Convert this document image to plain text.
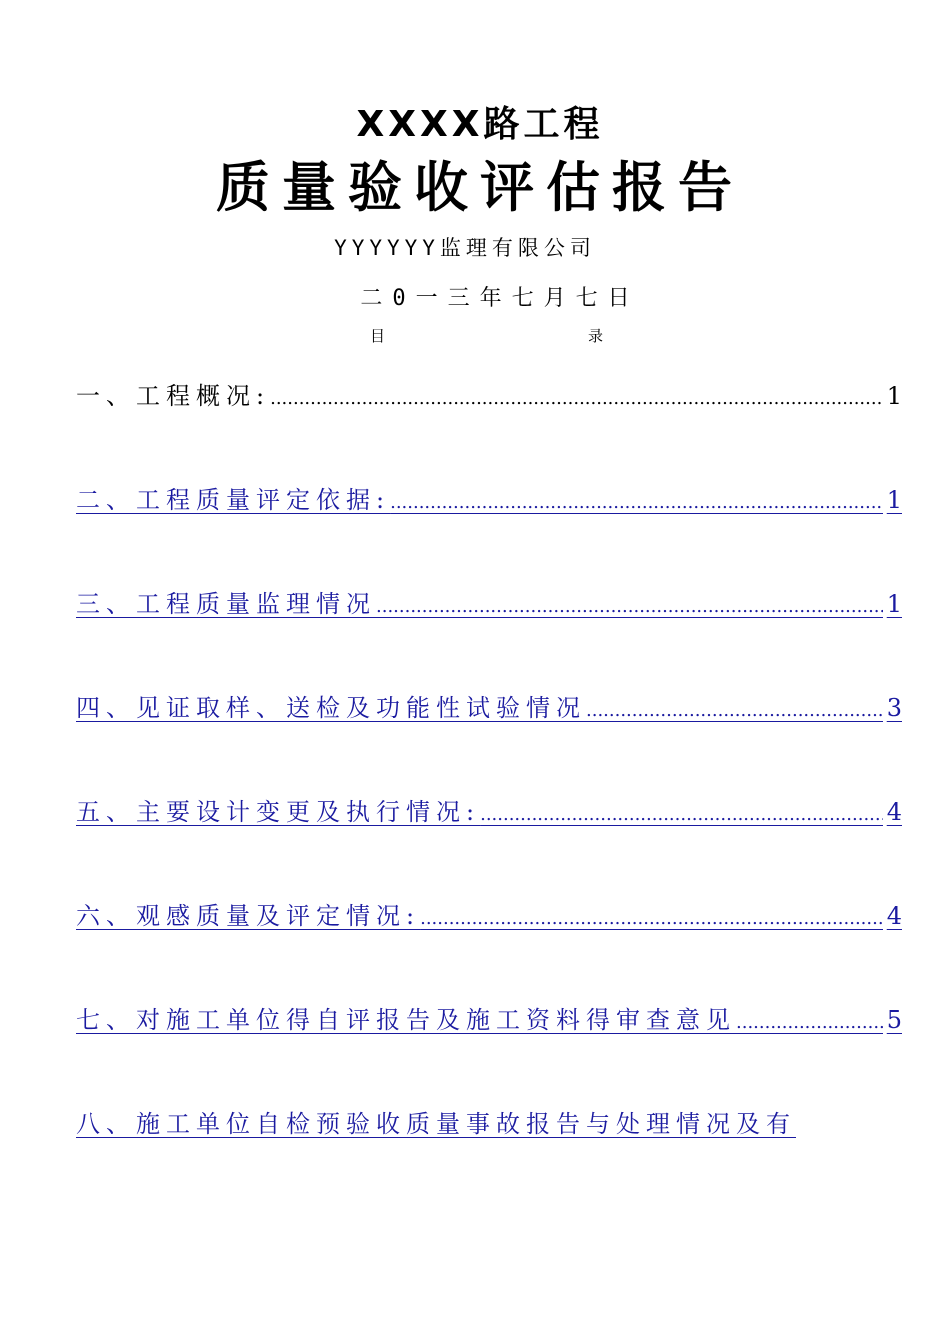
XXXX路工程
质量验收评估报告
YYYYYY监理有限公司
二0一三年七月七日
目	录
一、工程概况: .....	1
二、工程质量评定依据: .....	1
三、工程质量监理情况 .....	1
四、见证取样、送检及功能性试验情况 .....	3
五、主要设计变更及执行情况: .....	4
六、观感质量及评定情况: .....	4
七、对施工单位得自评报告及施工资料得审查意见 .....	5
八、施工单位自检预验收质量事故报告与处理情况及有
